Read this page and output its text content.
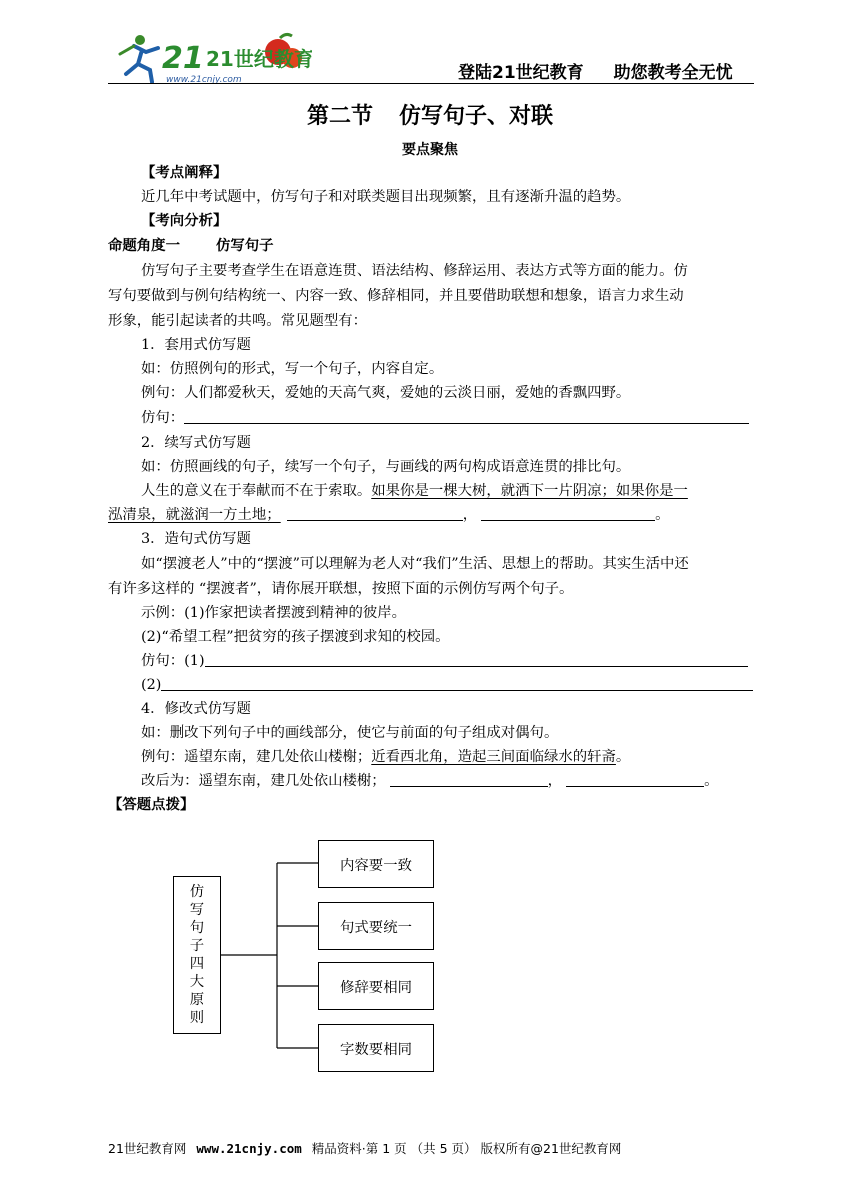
21 21世纪教育
www.21cnjy.com	登陆21世纪教育 助您教考全无忧
第二节 仿写句子、对联
要点聚焦
【考点阐释】
近几年中考试题中，仿写句子和对联类题目出现频繁，且有逐渐升温的趋势。
【考向分析】
命题角度一	仿写句子
仿写句子主要考查学生在语意连贯、语法结构、修辞运用、表达方式等方面的能力。仿
写句要做到与例句结构统一、内容一致、修辞相同，并且要借助联想和想象，语言力求生动
形象，能引起读者的共鸣。常见题型有：
1．套用式仿写题
如：仿照例句的形式，写一个句子，内容自定。
例句：人们都爱秋天，爱她的天高气爽，爱她的云淡日丽，爱她的香飘四野。
仿句：
2．续写式仿写题
如：仿照画线的句子，续写一个句子，与画线的两句构成语意连贯的排比句。
人生的意义在于奉献而不在于索取。如果你是一棵大树，就洒下一片阴凉；如果你是一
泓清泉，就滋润一方土地；	，	。
3．造句式仿写题
如“摆渡老人”中的“摆渡”可以理解为老人对“我们”生活、思想上的帮助。其实生活中还
有许多这样的 “摆渡者”，请你展开联想，按照下面的示例仿写两个句子。
示例：(1)作家把读者摆渡到精神的彼岸。
(2)“希望工程”把贫穷的孩子摆渡到求知的校园。
仿句：(1)
(2)
4．修改式仿写题
如：删改下列句子中的画线部分，使它与前面的句子组成对偶句。
例句：遥望东南，建几处依山楼榭；近看西北角，造起三间面临绿水的轩斋。
改后为：遥望东南，建几处依山楼榭；	，	。
【答题点拨】
仿
写
句
子
四
大
原
则
内容要一致
句式要统一
修辞要相同
字数要相同
21世纪教育网 www.21cnjy.com 精品资料·第 1 页 （共 5 页） 版权所有@21世纪教育网
